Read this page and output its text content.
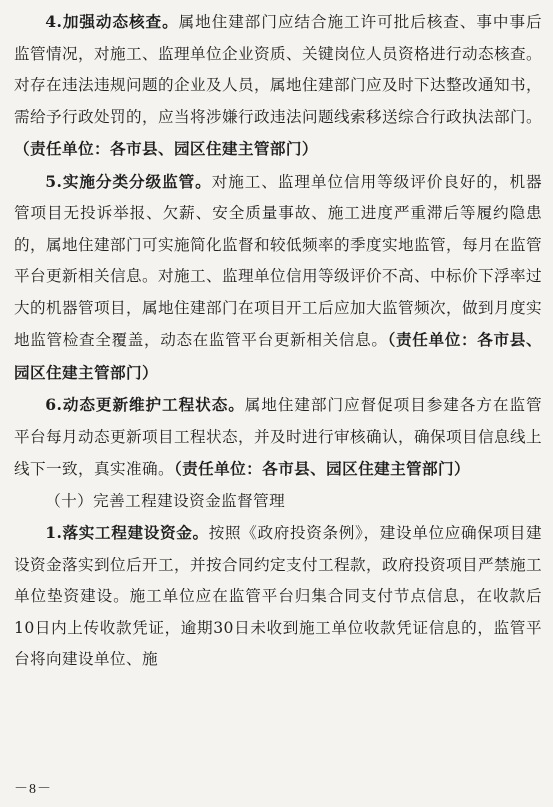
4.加强动态核查。属地住建部门应结合施工许可批后核查、事中事后监管情况，对施工、监理单位企业资质、关键岗位人员资格进行动态核查。对存在违法违规问题的企业及人员，属地住建部门应及时下达整改通知书，需给予行政处罚的，应当将涉嫌行政违法问题线索移送综合行政执法部门。（责任单位：各市县、园区住建主管部门）

5.实施分类分级监管。对施工、监理单位信用等级评价良好的，机器管项目无投诉举报、欠薪、安全质量事故、施工进度严重滞后等履约隐患的，属地住建部门可实施简化监督和较低频率的季度实地监管，每月在监管平台更新相关信息。对施工、监理单位信用等级评价不高、中标价下浮率过大的机器管项目，属地住建部门在项目开工后应加大监管频次，做到月度实地监管检查全覆盖，动态在监管平台更新相关信息。（责任单位：各市县、园区住建主管部门）

6.动态更新维护工程状态。属地住建部门应督促项目参建各方在监管平台每月动态更新项目工程状态，并及时进行审核确认，确保项目信息线上线下一致，真实准确。（责任单位：各市县、园区住建主管部门）

（十）完善工程建设资金监督管理

1.落实工程建设资金。按照《政府投资条例》，建设单位应确保项目建设资金落实到位后开工，并按合同约定支付工程款，政府投资项目严禁施工单位垫资建设。施工单位应在监管平台归集合同支付节点信息，在收款后10日内上传收款凭证，逾期30日未收到施工单位收款凭证信息的，监管平台将向建设单位、施

－8－
